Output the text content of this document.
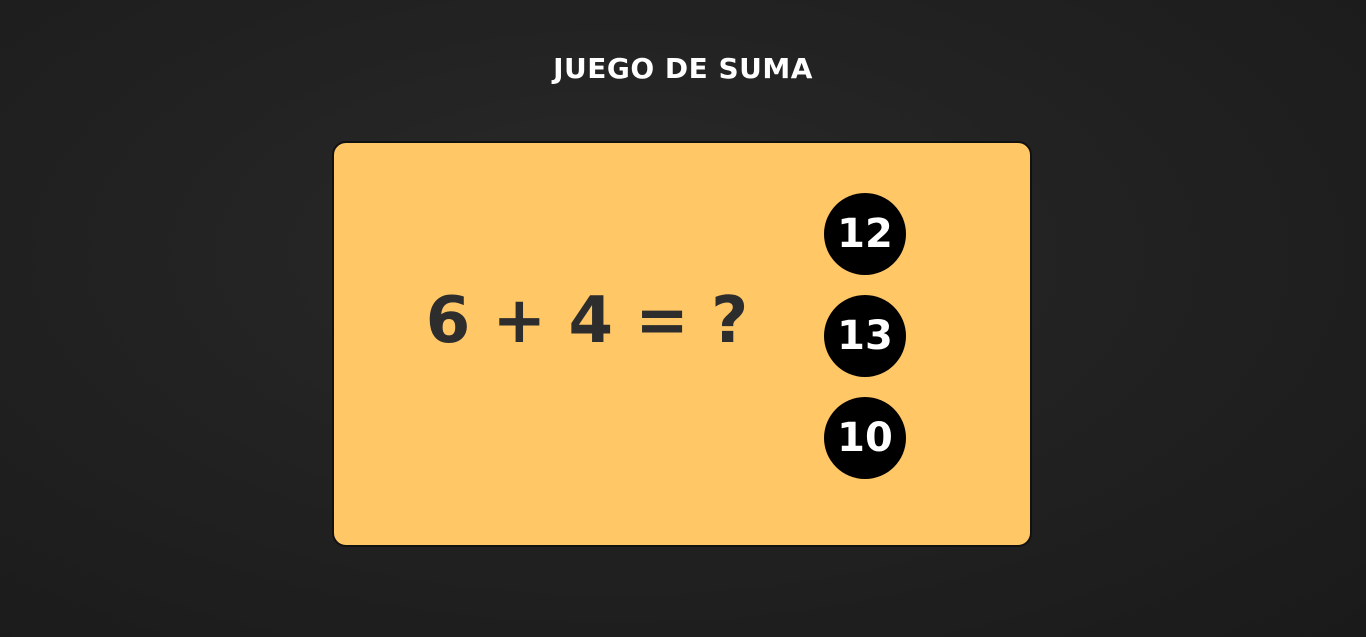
JUEGO DE SUMA
6 + 4 = ?
12
13
10
